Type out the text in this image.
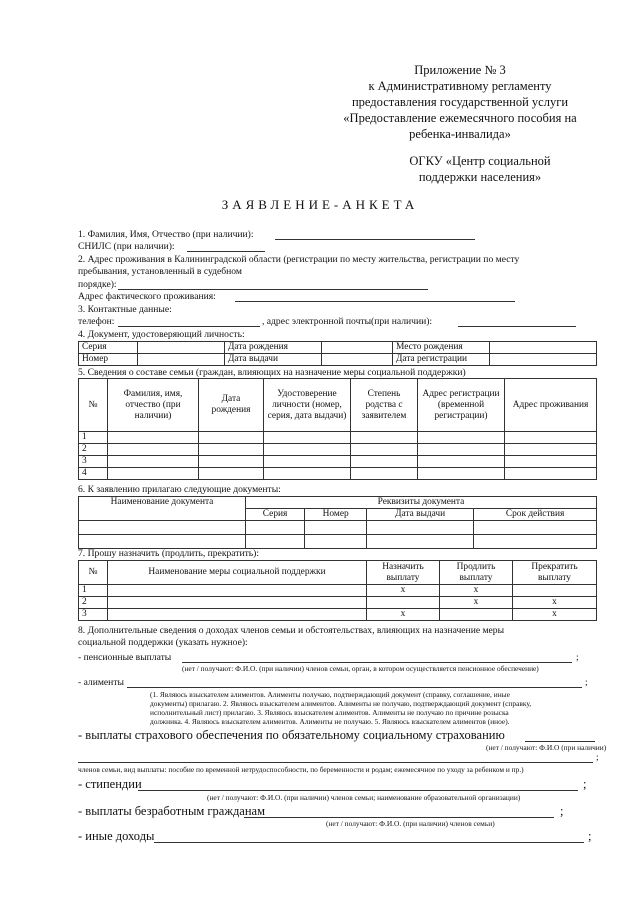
Приложение № 3
к Административному регламенту
предоставления государственной услуги
«Предоставление ежемесячного пособия на
ребенка-инвалида»
ОГКУ «Центр социальной
поддержки населения»
ЗАЯВЛЕНИЕ-АНКЕТА
1. Фамилия, Имя, Отчество (при наличии):
СНИЛС (при наличии):
2. Адрес проживания в Калининградской области (регистрации по месту жительства, регистрации по месту
пребывания, установленный в судебном
порядке):
Адрес фактического проживания:
3. Контактные данные:
телефон:	, адрес электронной почты(при наличии):
4. Документ, удостоверяющий личность:
Серия		Дата рождения		Место рождения	
Номер		Дата выдачи		Дата регистрации	
5. Сведения о составе семьи (граждан, влияющих на назначение меры социальной поддержки)
№	Фамилия, имя, отчество (при наличии)	Дата рождения	Удостоверение личности (номер, серия, дата выдачи)	Степень родства с заявителем	Адрес регистрации (временной регистрации)	Адрес проживания
1						
2						
3						
4						
6. К заявлению прилагаю следующие документы:
Наименование документа	Реквизиты документа			
	Серия	Номер	Дата выдачи	Срок действия

7. Прошу назначить (продлить, прекратить):
№	Наименование меры социальной поддержки	Назначить выплату	Продлить выплату	Прекратить выплату
1		х	х	
2			х	х
3		х		х
8. Дополнительные сведения о доходах членов семьи и обстоятельствах, влияющих на назначение меры
социальной поддержки (указать нужное):
- пенсионные выплаты	;
(нет / получают: Ф.И.О. (при наличии) членов семьи, орган, в котором осуществляется пенсионное обеспечение)
- алименты	;
(1. Являюсь взыскателем алиментов. Алименты получаю, подтверждающий документ (справку, соглашение, иные
документы) прилагаю. 2. Являюсь взыскателем алиментов. Алименты не получаю, подтверждающий документ (справку,
исполнительный лист) прилагаю. 3. Являюсь взыскателем алиментов. Алименты не получаю по причине розыска
должника. 4. Являюсь взыскателем алиментов. Алименты не получаю. 5. Являюсь взыскателем алиментов (иное).
- выплаты страхового обеспечения по обязательному социальному страхованию
(нет / получают: Ф.И.О (при наличии)
;
членов семьи, вид выплаты: пособие по временной нетрудоспособности, по беременности и родам; ежемесячное по уходу за ребенком и пр.)
- стипендии	;
(нет / получают: Ф.И.О. (при наличии) членов семьи; наименование образовательной организации)
- выплаты безработным гражданам	;
(нет / получают: Ф.И.О. (при наличии) членов семьи)
- иные доходы	;
